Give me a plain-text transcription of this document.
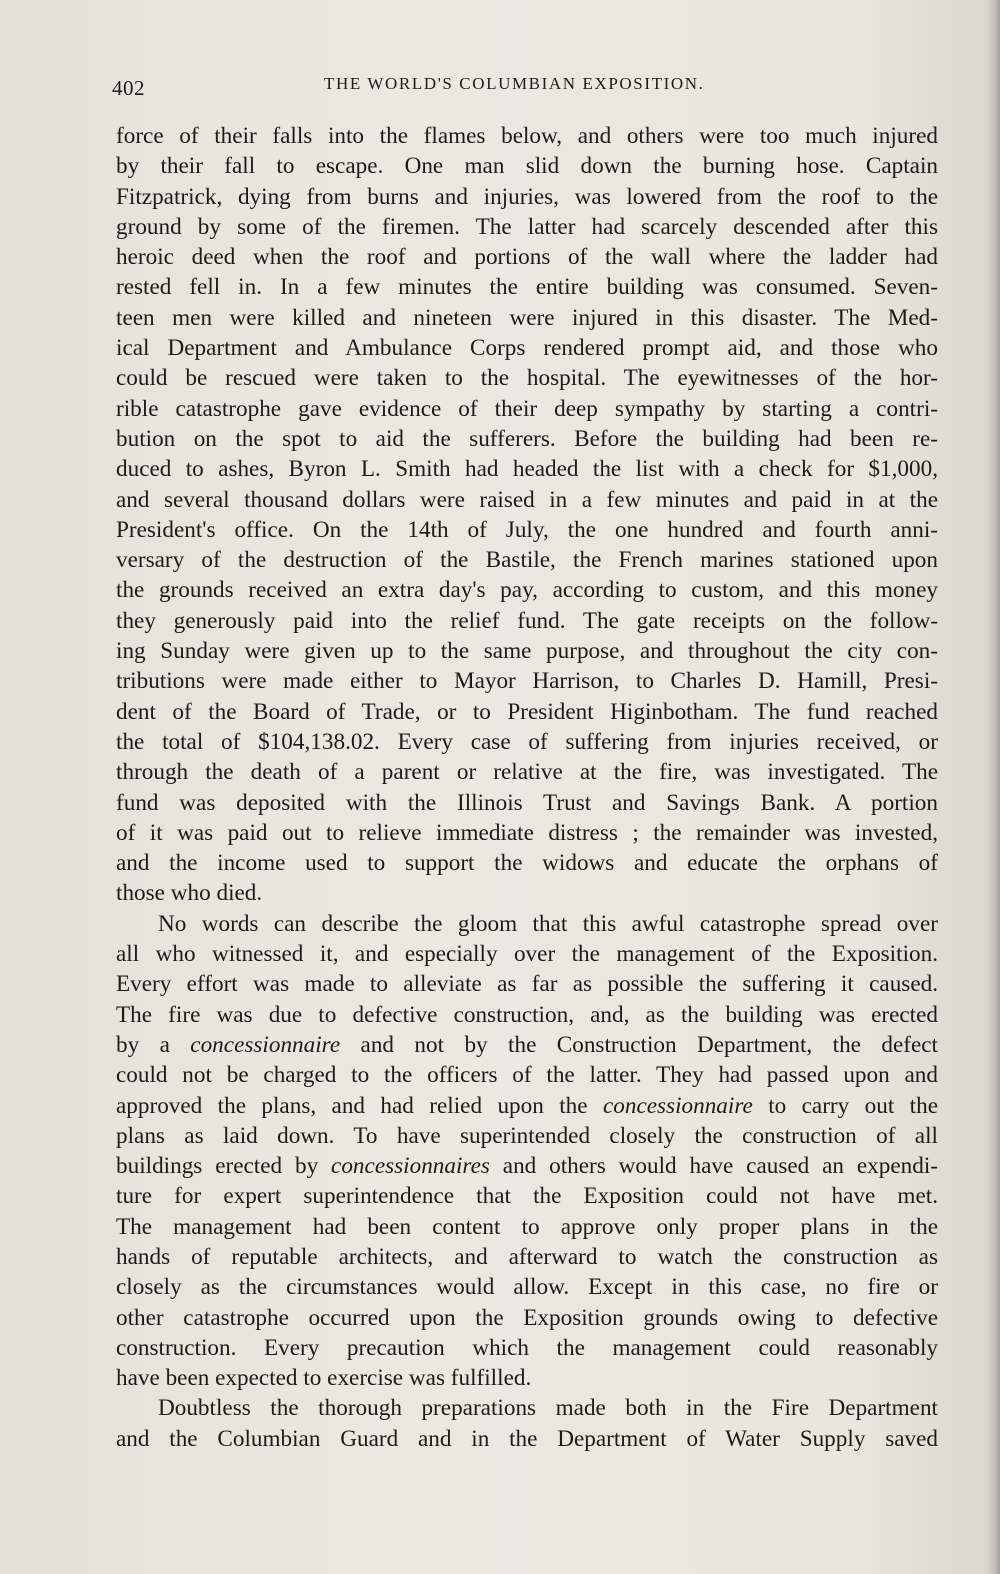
402	THE WORLD'S COLUMBIAN EXPOSITION.
force of their falls into the flames below, and others were too much injured
by their fall to escape. One man slid down the burning hose. Captain
Fitzpatrick, dying from burns and injuries, was lowered from the roof to the
ground by some of the firemen. The latter had scarcely descended after this
heroic deed when the roof and portions of the wall where the ladder had
rested fell in. In a few minutes the entire building was consumed. Seven-
teen men were killed and nineteen were injured in this disaster. The Med-
ical Department and Ambulance Corps rendered prompt aid, and those who
could be rescued were taken to the hospital. The eyewitnesses of the hor-
rible catastrophe gave evidence of their deep sympathy by starting a contri-
bution on the spot to aid the sufferers. Before the building had been re-
duced to ashes, Byron L. Smith had headed the list with a check for $1,000,
and several thousand dollars were raised in a few minutes and paid in at the
President's office. On the 14th of July, the one hundred and fourth anni-
versary of the destruction of the Bastile, the French marines stationed upon
the grounds received an extra day's pay, according to custom, and this money
they generously paid into the relief fund. The gate receipts on the follow-
ing Sunday were given up to the same purpose, and throughout the city con-
tributions were made either to Mayor Harrison, to Charles D. Hamill, Presi-
dent of the Board of Trade, or to President Higinbotham. The fund reached
the total of $104,138.02. Every case of suffering from injuries received, or
through the death of a parent or relative at the fire, was investigated. The
fund was deposited with the Illinois Trust and Savings Bank. A portion
of it was paid out to relieve immediate distress ; the remainder was invested,
and the income used to support the widows and educate the orphans of
those who died.
No words can describe the gloom that this awful catastrophe spread over
all who witnessed it, and especially over the management of the Exposition.
Every effort was made to alleviate as far as possible the suffering it caused.
The fire was due to defective construction, and, as the building was erected
by a concessionnaire and not by the Construction Department, the defect
could not be charged to the officers of the latter. They had passed upon and
approved the plans, and had relied upon the concessionnaire to carry out the
plans as laid down. To have superintended closely the construction of all
buildings erected by concessionnaires and others would have caused an expendi-
ture for expert superintendence that the Exposition could not have met.
The management had been content to approve only proper plans in the
hands of reputable architects, and afterward to watch the construction as
closely as the circumstances would allow. Except in this case, no fire or
other catastrophe occurred upon the Exposition grounds owing to defective
construction. Every precaution which the management could reasonably
have been expected to exercise was fulfilled.
Doubtless the thorough preparations made both in the Fire Department
and the Columbian Guard and in the Department of Water Supply saved
